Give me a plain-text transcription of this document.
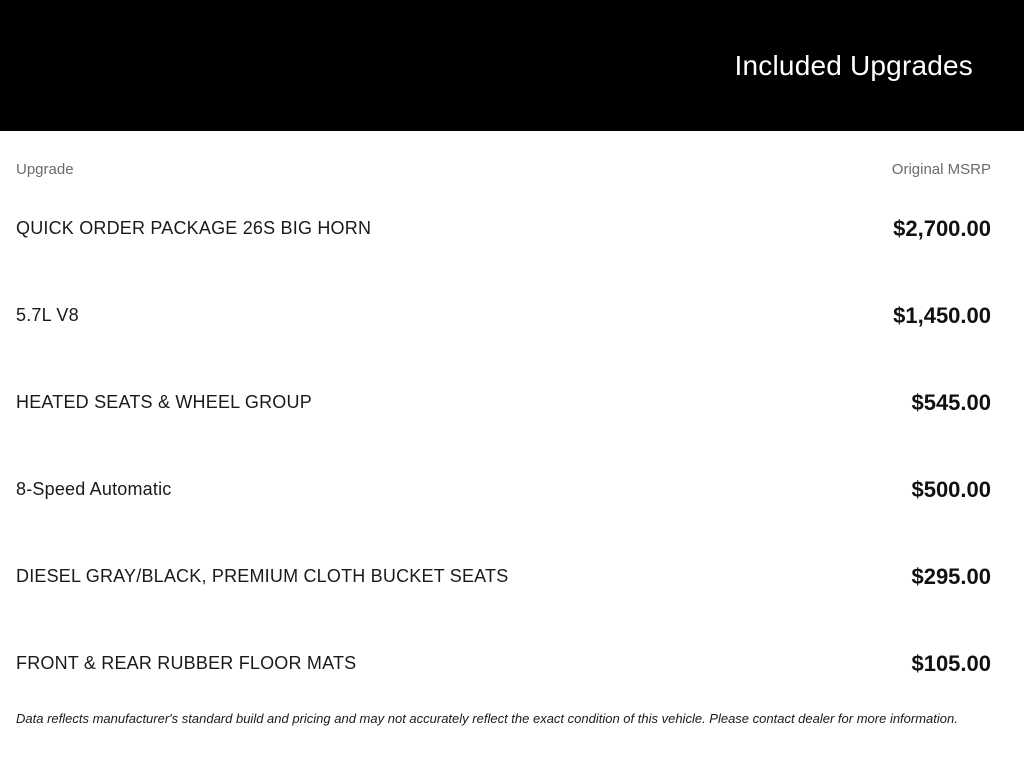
Included Upgrades
Upgrade	Original MSRP
QUICK ORDER PACKAGE 26S BIG HORN	$2,700.00
5.7L V8	$1,450.00
HEATED SEATS & WHEEL GROUP	$545.00
8-Speed Automatic	$500.00
DIESEL GRAY/BLACK, PREMIUM CLOTH BUCKET SEATS	$295.00
FRONT & REAR RUBBER FLOOR MATS	$105.00
Data reflects manufacturer's standard build and pricing and may not accurately reflect the exact condition of this vehicle. Please contact dealer for more information.
